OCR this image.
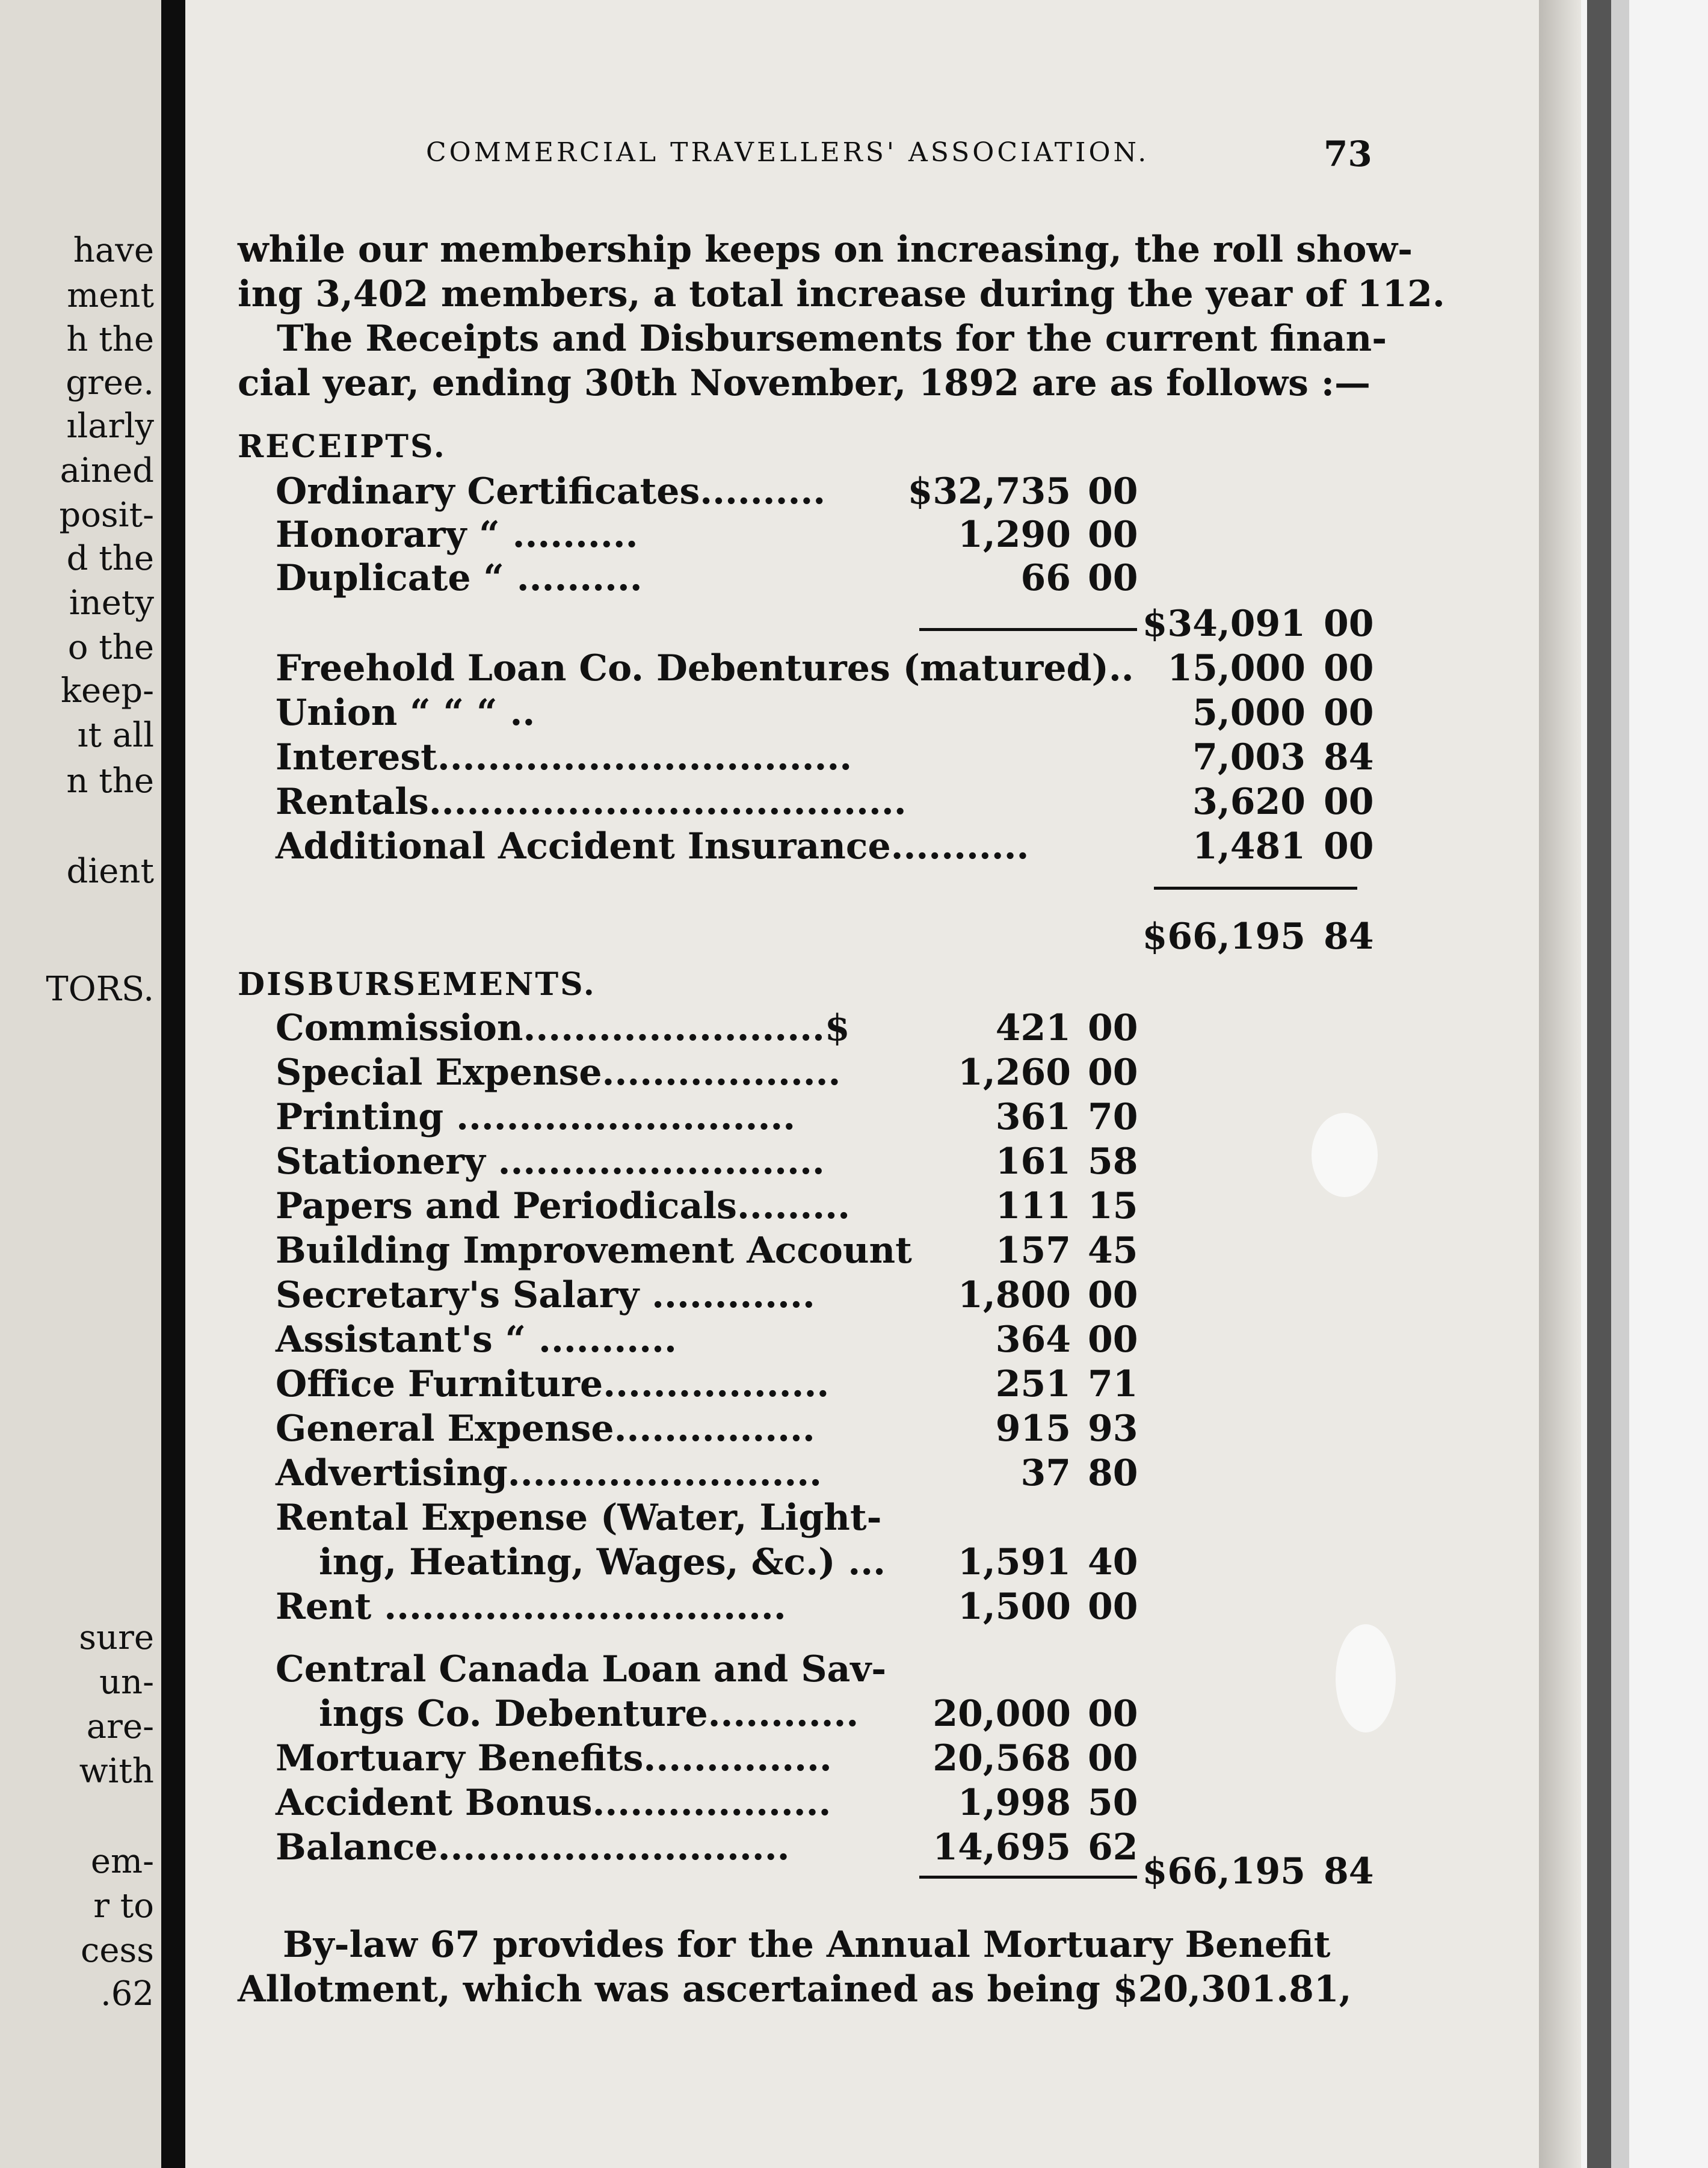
have
ment
h the
gree.
ılarly
ained
posit-
d the
inety
o the
keep-
ıt all
n the
dient
TORS.
sure
un-
are-
with
em-
r to
cess
.62
COMMERCIAL TRAVELLERS' ASSOCIATION.	73
while our membership keeps on increasing, the roll show-
ing 3,402 members, a total increase during the year of 112.
The Receipts and Disbursements for the current finan-
cial year, ending 30th November, 1892 are as follows :—
RECEIPTS.
Ordinary Certificates..........	$32,735 00
Honorary “ ..........	1,290 00
Duplicate “ ..........	66 00
$34,091 00
Freehold Loan Co. Debentures (matured).. 15,000 00
Union “ “ “ ..	5,000 00
Interest.................................	7,003 84
Rentals......................................	3,620 00
Additional Accident Insurance...........	1,481 00
$66,195 84
DISBURSEMENTS.
Commission........................$	421 00
Special Expense...................	1,260 00
Printing ...........................	361 70
Stationery ..........................	161 58
Papers and Periodicals.........	111 15
Building Improvement Account	157 45
Secretary's Salary .............	1,800 00
Assistant's “ ...........	364 00
Office Furniture..................	251 71
General Expense................	915 93
Advertising.........................	37 80
Rental Expense (Water, Light-
ing, Heating, Wages, &c.) ...	1,591 40
Rent ................................	1,500 00
Central Canada Loan and Sav-
ings Co. Debenture............	20,000 00
Mortuary Benefits...............	20,568 00
Accident Bonus...................	1,998 50
Balance............................	14,695 62
$66,195 84
By-law 67 provides for the Annual Mortuary Benefit
Allotment, which was ascertained as being $20,301.81,
